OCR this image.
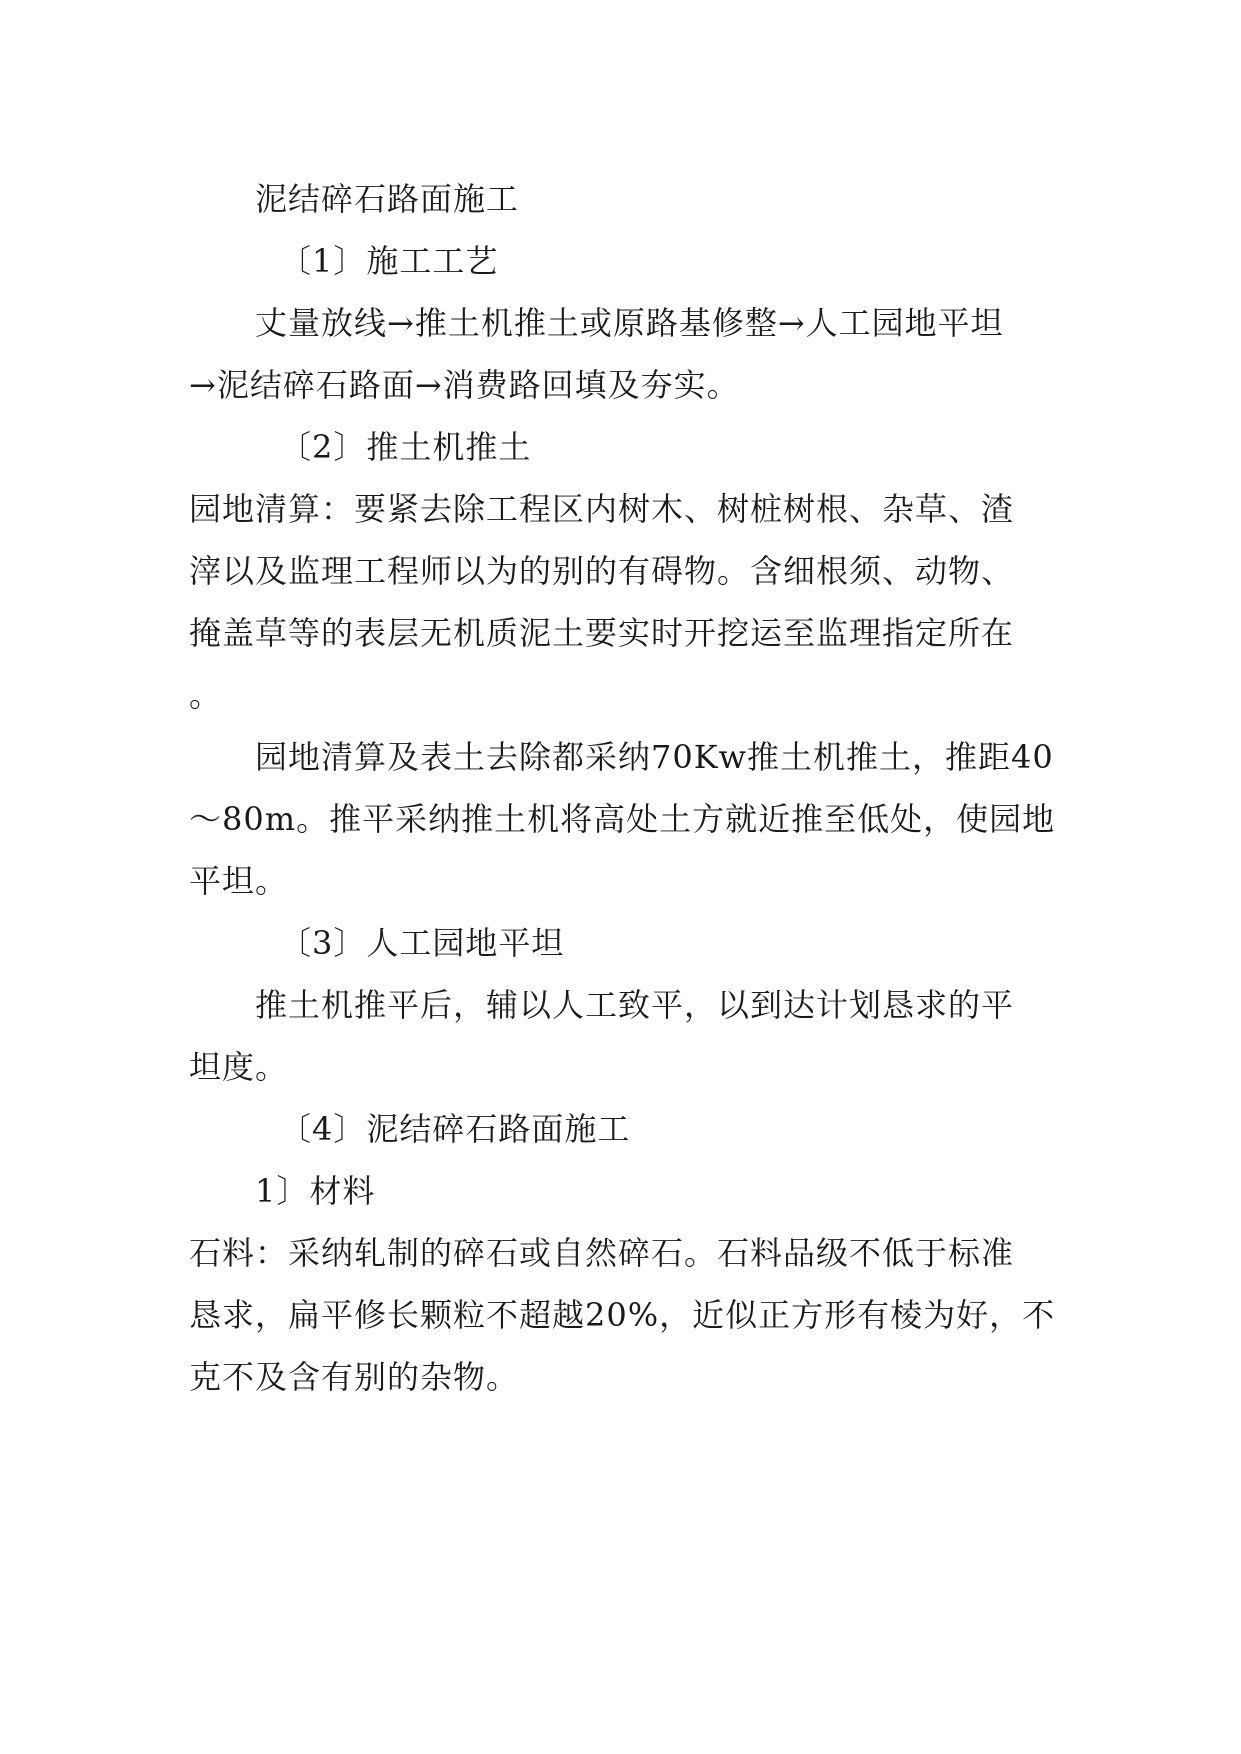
泥结碎石路面施工
〔1〕施工工艺
丈量放线→推土机推土或原路基修整→人工园地平坦
→泥结碎石路面→消费路回填及夯实。
〔2〕推土机推土
园地清算：要紧去除工程区内树木、树桩树根、杂草、渣
滓以及监理工程师以为的别的有碍物。含细根须、动物、
掩盖草等的表层无机质泥土要实时开挖运至监理指定所在
。
园地清算及表土去除都采纳70Kw推土机推土，推距40
～80m。推平采纳推土机将高处土方就近推至低处，使园地
平坦。
〔3〕人工园地平坦
推土机推平后，辅以人工致平，以到达计划恳求的平
坦度。
〔4〕泥结碎石路面施工
1〕材料
石料：采纳轧制的碎石或自然碎石。石料品级不低于标准
恳求，扁平修长颗粒不超越20%，近似正方形有棱为好，不
克不及含有别的杂物。
